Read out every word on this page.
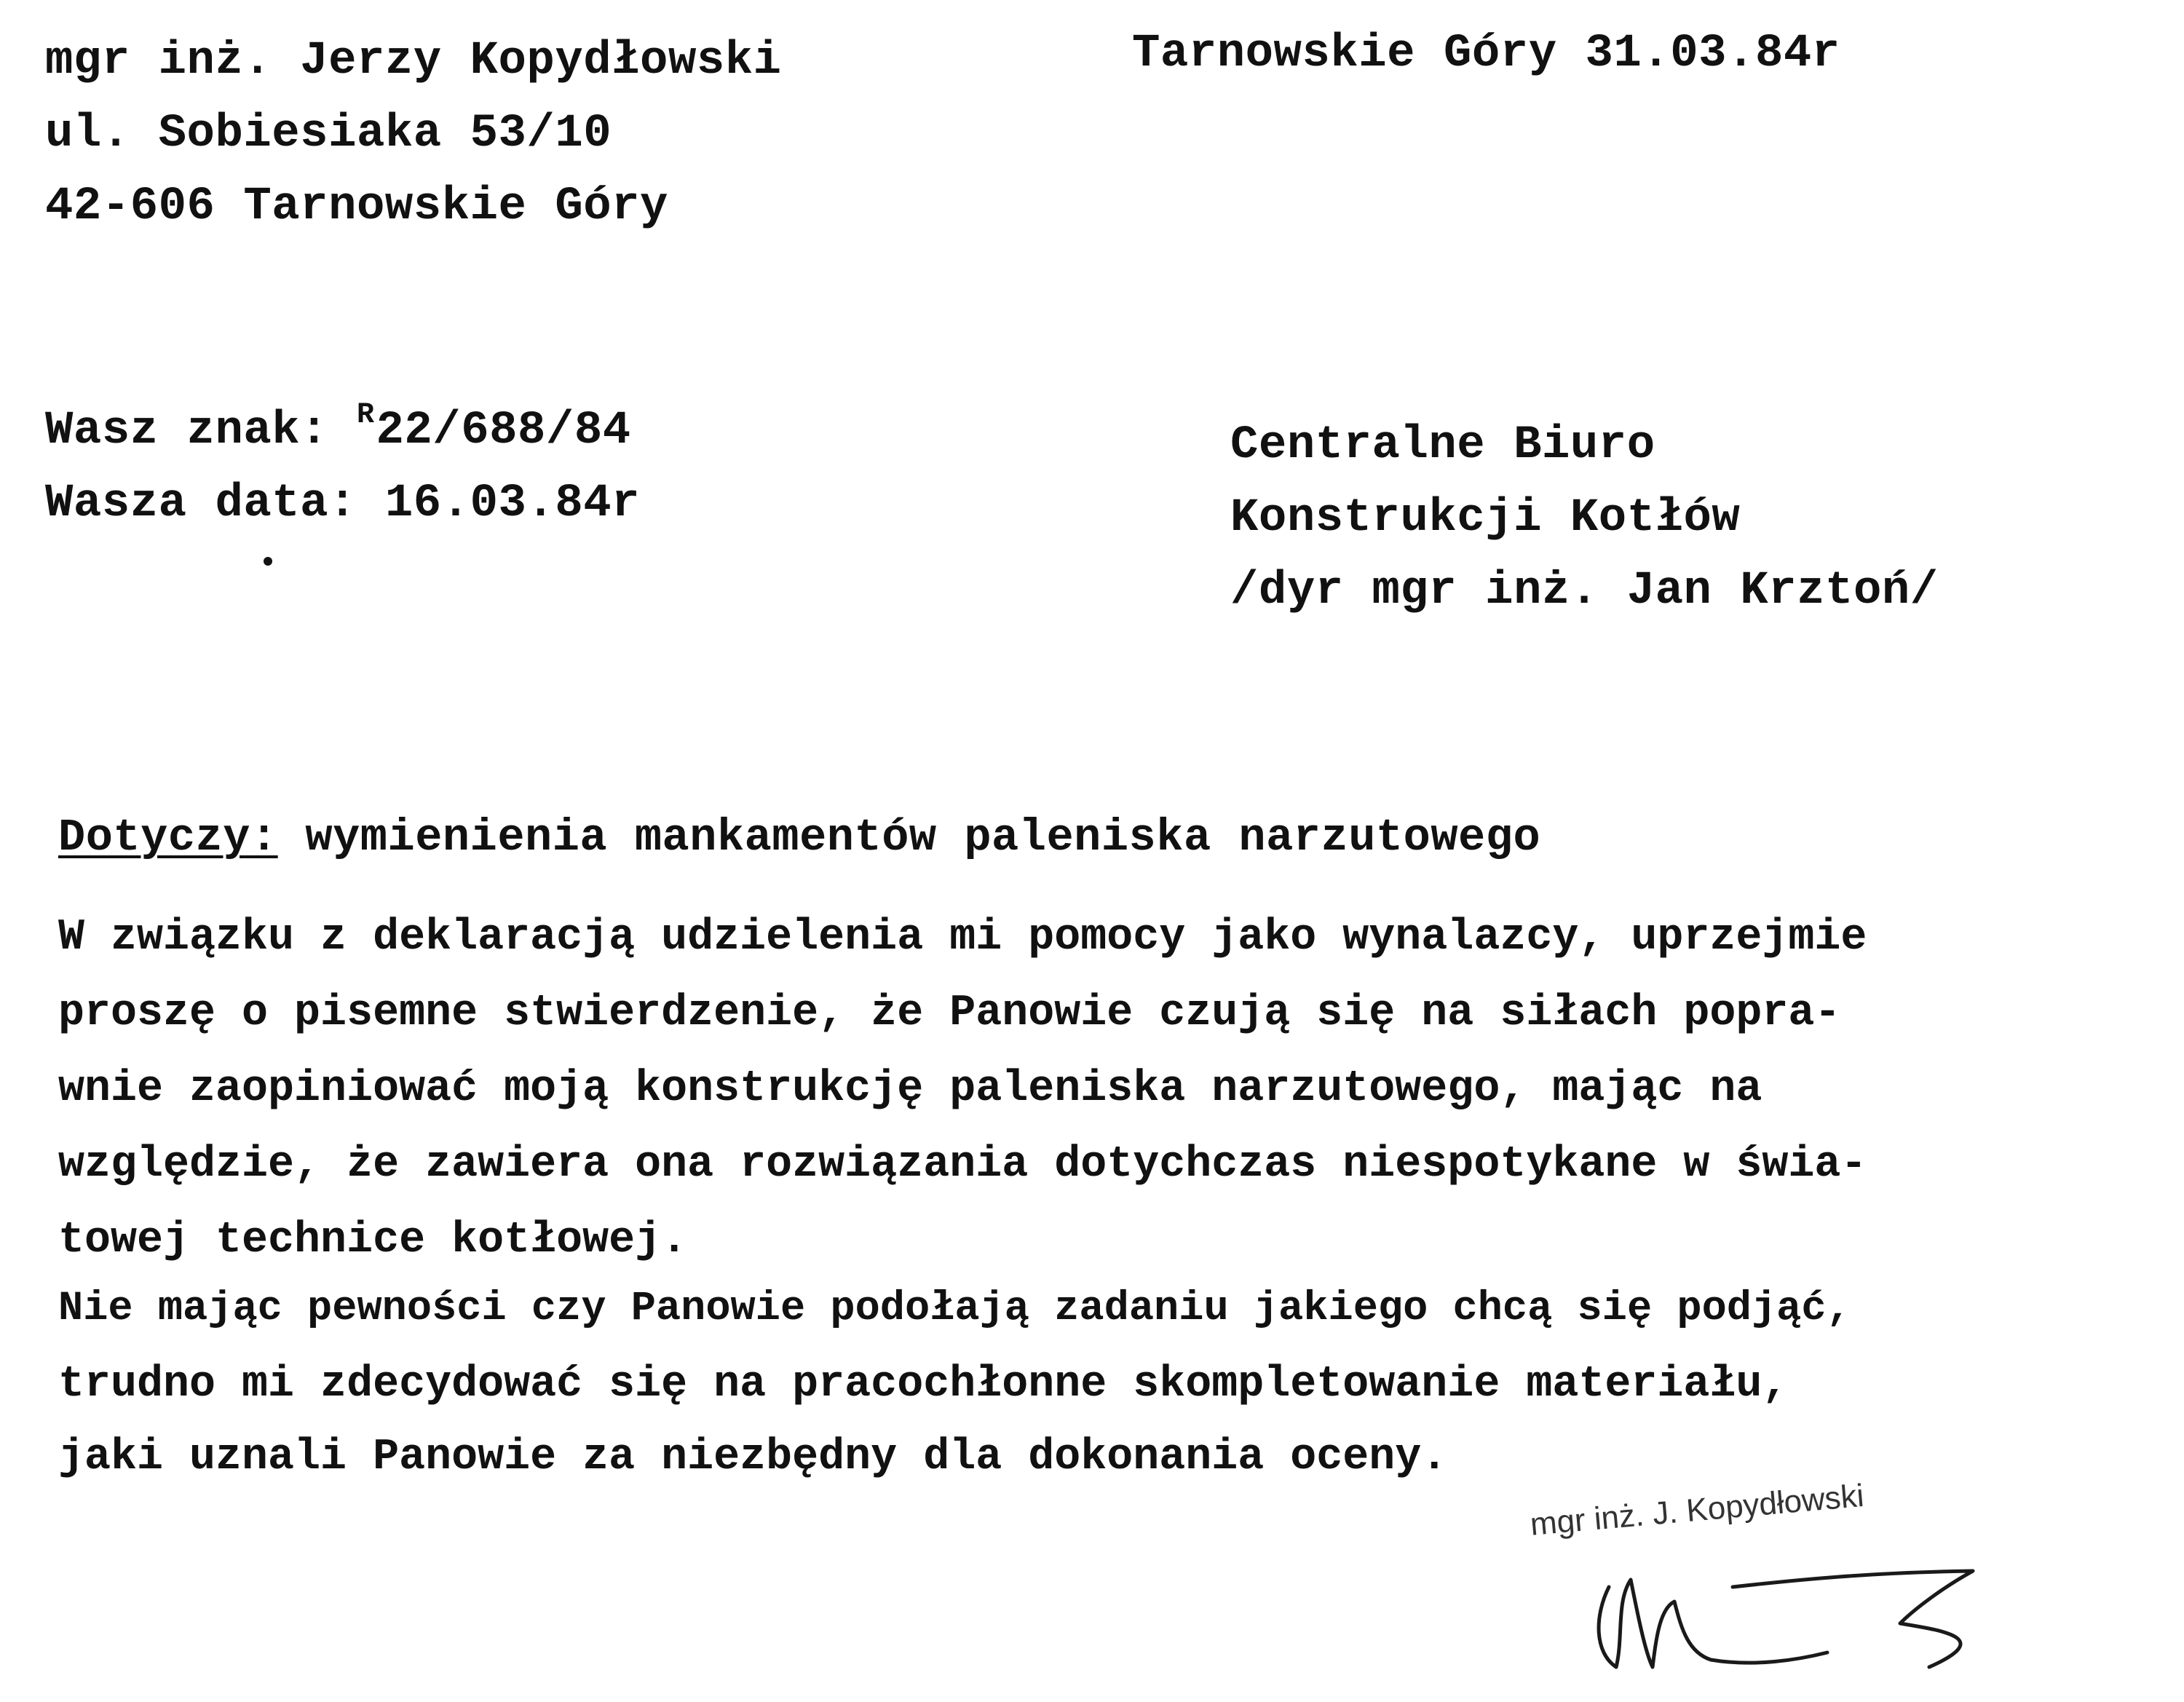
mgr inż. Jerzy Kopydłowski
ul. Sobiesiaka 53/10
42-606 Tarnowskie Góry
Tarnowskie Góry 31.03.84r
Wasz znak: $^R$22/688/84
Wasza data: 16.03.84r
Centralne Biuro
Konstrukcji Kotłów
/dyr mgr inż. Jan Krztoń/
Dotyczy: wymienienia mankamentów paleniska narzutowego
W związku z deklaracją udzielenia mi pomocy jako wynalazcy, uprzejmie
proszę o pisemne stwierdzenie, że Panowie czują się na siłach popra-
wnie zaopiniować moją konstrukcję paleniska narzutowego, mając na
względzie, że zawiera ona rozwiązania dotychczas niespotykane w świa-
towej technice kotłowej.
Nie mając pewności czy Panowie podołają zadaniu jakiego chcą się podjąć,
trudno mi zdecydować się na pracochłonne skompletowanie materiału,
jaki uznali Panowie za niezbędny dla dokonania oceny.
mgr inż. J. Kopydłowski
